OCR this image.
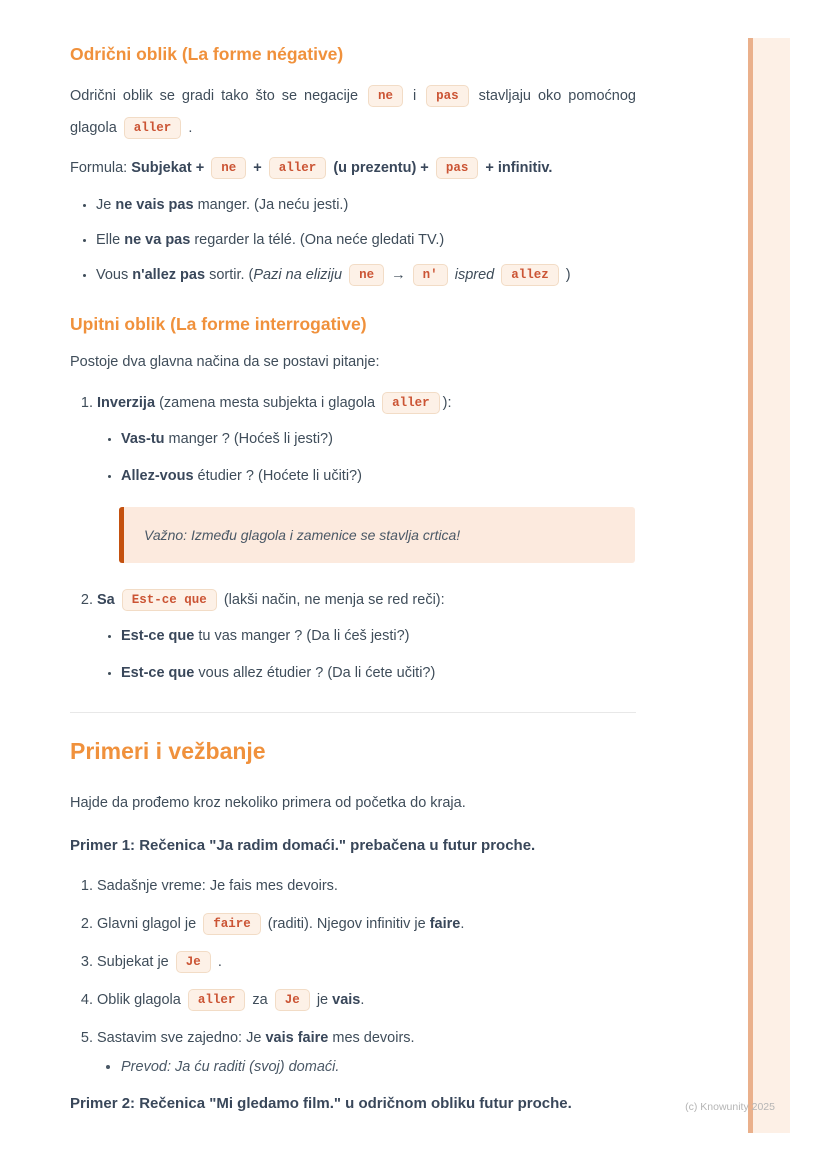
Odrični oblik (La forme négative)

Odrični oblik se gradi tako što se negacije ne i pas stavljaju oko pomoćnog glagola aller .

Formula: Subjekat + ne + aller (u prezentu) + pas + infinitiv.

• Je ne vais pas manger. (Ja neću jesti.)
• Elle ne va pas regarder la télé. (Ona neće gledati TV.)
• Vous n'allez pas sortir. (Pazi na eliziju ne → n' ispred allez )
Upitni oblik (La forme interrogative)

Postoje dva glavna načina da se postavi pitanje:

1. Inverzija (zamena mesta subjekta i glagola aller ):
• Vas-tu manger ? (Hoćeš li jesti?)
• Allez-vous étudier ? (Hoćete li učiti?)
Važno: Između glagola i zamenice se stavlja crtica!
2. Sa Est-ce que (lakši način, ne menja se red reči):
• Est-ce que tu vas manger ? (Da li ćeš jesti?)
• Est-ce que vous allez étudier ? (Da li ćete učiti?)
Primeri i vežbanje

Hajde da prođemo kroz nekoliko primera od početka do kraja.

Primer 1: Rečenica "Ja radim domaći." prebačena u futur proche.

1. Sadašnje vreme: Je fais mes devoirs.
2. Glavni glagol je faire (raditi). Njegov infinitiv je faire.
3. Subjekat je Je .
4. Oblik glagola aller za Je je vais.
5. Sastavim sve zajedno: Je vais faire mes devoirs.
• Prevod: Ja ću raditi (svoj) domaći.

Primer 2: Rečenica "Mi gledamo film." u odričnom obliku futur proche.	(c) Knowunity 2025
